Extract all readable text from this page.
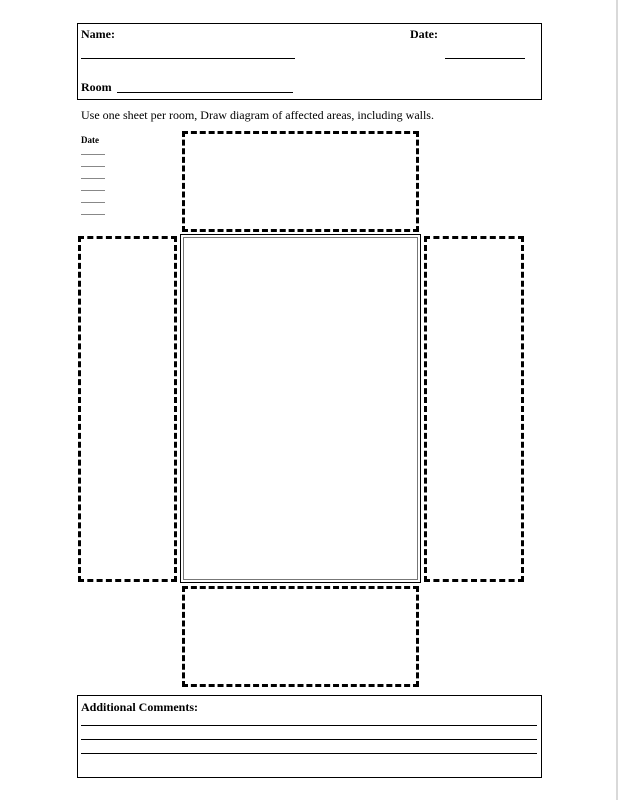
Name:	Date:
Room
Use one sheet per room, Draw diagram of affected areas, including walls.
Date
Additional Comments:
